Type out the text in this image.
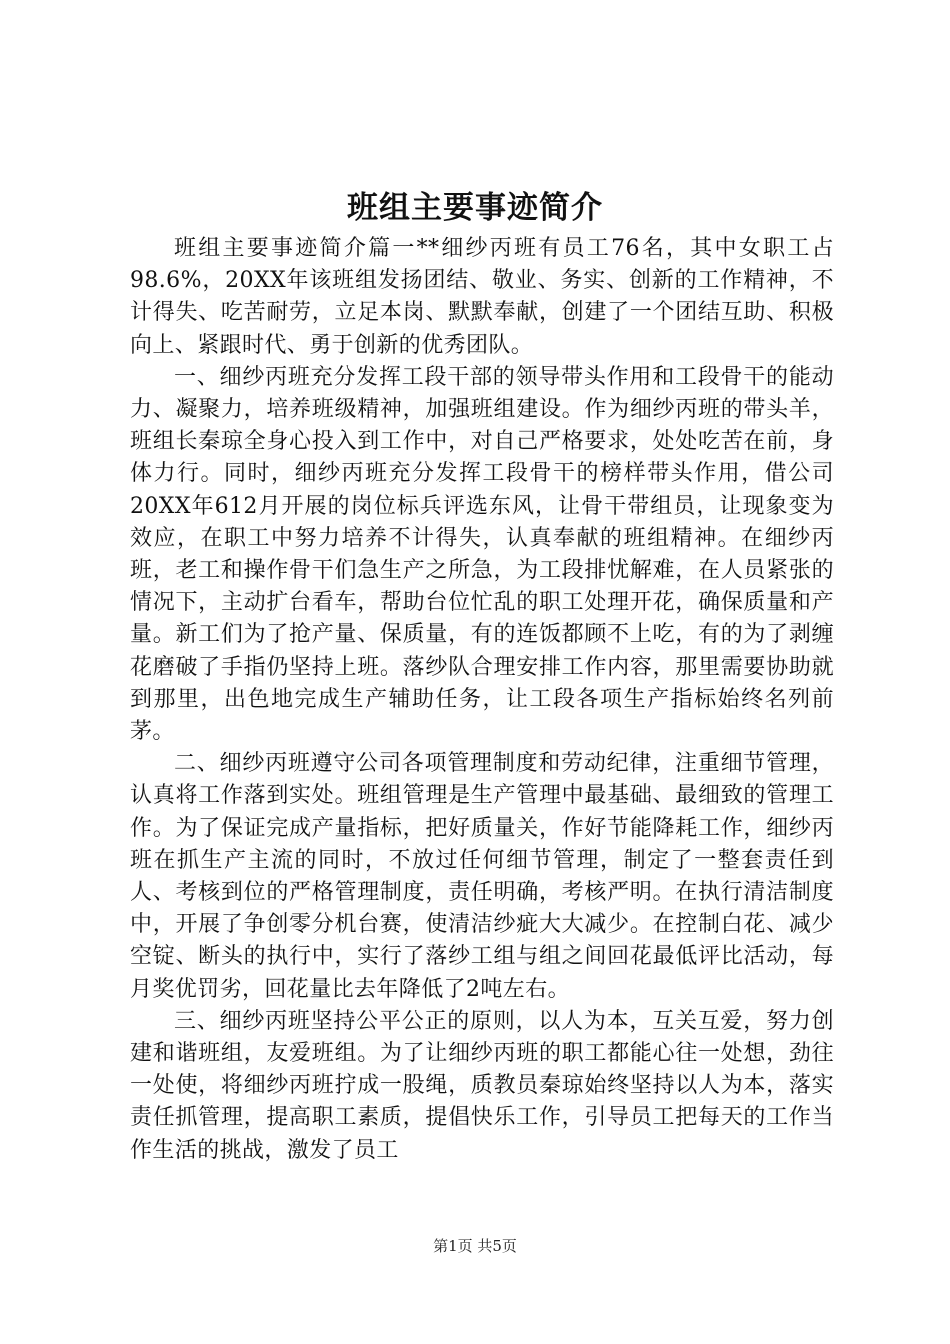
班组主要事迹简介

班组主要事迹简介篇一**细纱丙班有员工76名，其中女职工占98.6%，20XX年该班组发扬团结、敬业、务实、创新的工作精神，不计得失、吃苦耐劳，立足本岗、默默奉献，创建了一个团结互助、积极向上、紧跟时代、勇于创新的优秀团队。

一、细纱丙班充分发挥工段干部的领导带头作用和工段骨干的能动力、凝聚力，培养班级精神，加强班组建设。作为细纱丙班的带头羊，班组长秦琼全身心投入到工作中，对自己严格要求，处处吃苦在前，身体力行。同时，细纱丙班充分发挥工段骨干的榜样带头作用，借公司20XX年612月开展的岗位标兵评选东风，让骨干带组员，让现象变为效应，在职工中努力培养不计得失，认真奉献的班组精神。在细纱丙班，老工和操作骨干们急生产之所急，为工段排忧解难，在人员紧张的情况下，主动扩台看车，帮助台位忙乱的职工处理开花，确保质量和产量。新工们为了抢产量、保质量，有的连饭都顾不上吃，有的为了剥缠花磨破了手指仍坚持上班。落纱队合理安排工作内容，那里需要协助就到那里，出色地完成生产辅助任务，让工段各项生产指标始终名列前茅。

二、细纱丙班遵守公司各项管理制度和劳动纪律，注重细节管理，认真将工作落到实处。班组管理是生产管理中最基础、最细致的管理工作。为了保证完成产量指标，把好质量关，作好节能降耗工作，细纱丙班在抓生产主流的同时，不放过任何细节管理，制定了一整套责任到人、考核到位的严格管理制度，责任明确，考核严明。在执行清洁制度中，开展了争创零分机台赛，使清洁纱疵大大减少。在控制白花、减少空锭、断头的执行中，实行了落纱工组与组之间回花最低评比活动，每月奖优罚劣，回花量比去年降低了2吨左右。

三、细纱丙班坚持公平公正的原则，以人为本，互关互爱，努力创建和谐班组，友爱班组。为了让细纱丙班的职工都能心往一处想，劲往一处使，将细纱丙班拧成一股绳，质教员秦琼始终坚持以人为本，落实责任抓管理，提高职工素质，提倡快乐工作，引导员工把每天的工作当作生活的挑战，激发了员工

第1页 共5页
